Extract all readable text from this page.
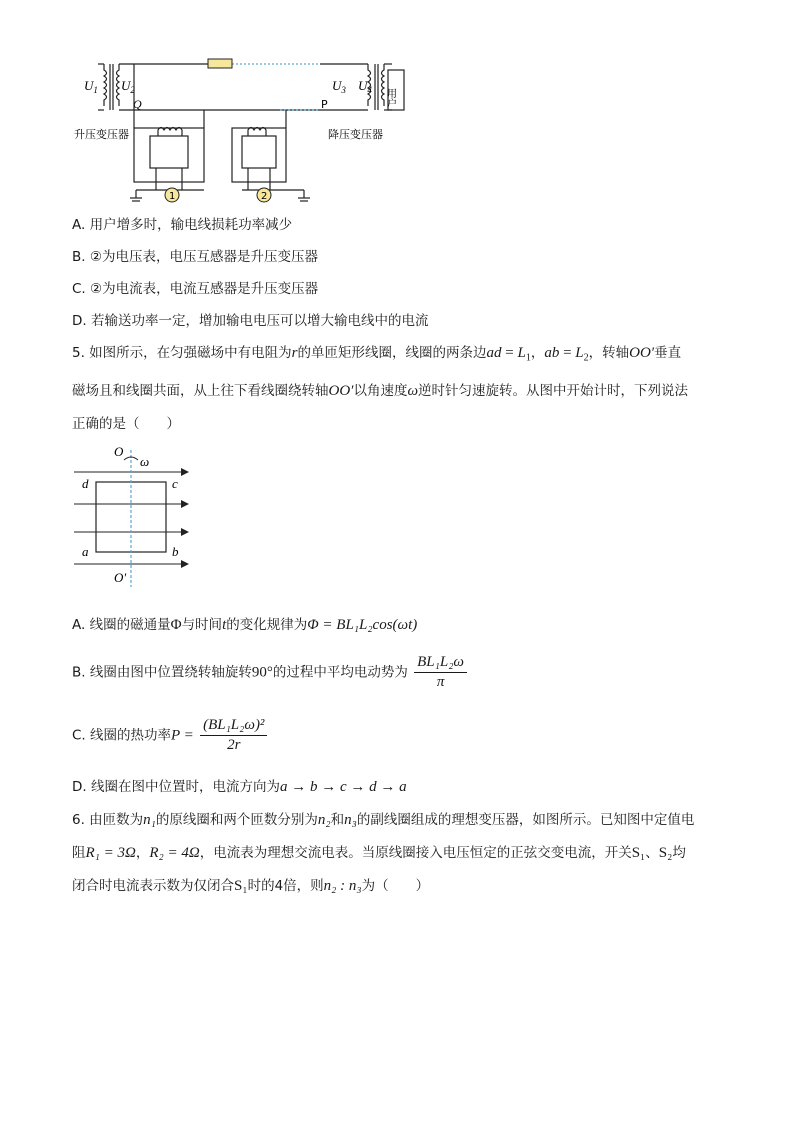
$U_1$ $U_2$
Q
升压变压器
$U_3$ $U_4$
P	用户
降压变压器
1	2
A. 用户增多时，输电线损耗功率减少
B. ②为电压表，电压互感器是升压变压器
C. ②为电流表，电流互感器是升压变压器
D. 若输送功率一定，增加输电电压可以增大输电线中的电流
5. 如图所示，在匀强磁场中有电阻为r的单匝矩形线圈，线圈的两条边ad = $L_1$，ab = $L_2$，转轴OO′垂直
磁场且和线圈共面，从上往下看线圈绕转轴OO′以角速度ω逆时针匀速旋转。从图中开始计时，下列说法
正确的是（　　）
O
ω
d	c
a	b
O′
A. 线圈的磁通量Φ与时间t的变化规律为Φ = BL₁L₂cos(ωt)
B. 线圈由图中位置绕转轴旋转90°的过程中平均电动势为 $\frac{\text{BL₁L₂ω}}{\pi}$
C. 线圈的热功率$P = \frac{\text{(BL₁L₂ω)²}}{2r}$
D. 线圈在图中位置时，电流方向为a → b → c → d → a
6. 由匝数为n₁的原线圈和两个匝数分别为n₂和n₃的副线圈组成的理想变压器，如图所示。已知图中定值电
阻R₁ = 3Ω，R₂ = 4Ω，电流表为理想交流电表。当原线圈接入电压恒定的正弦交变电流，开关S₁、S₂均
闭合时电流表示数为仅闭合S₁时的4倍，则n₂ : n₃为（　　）
